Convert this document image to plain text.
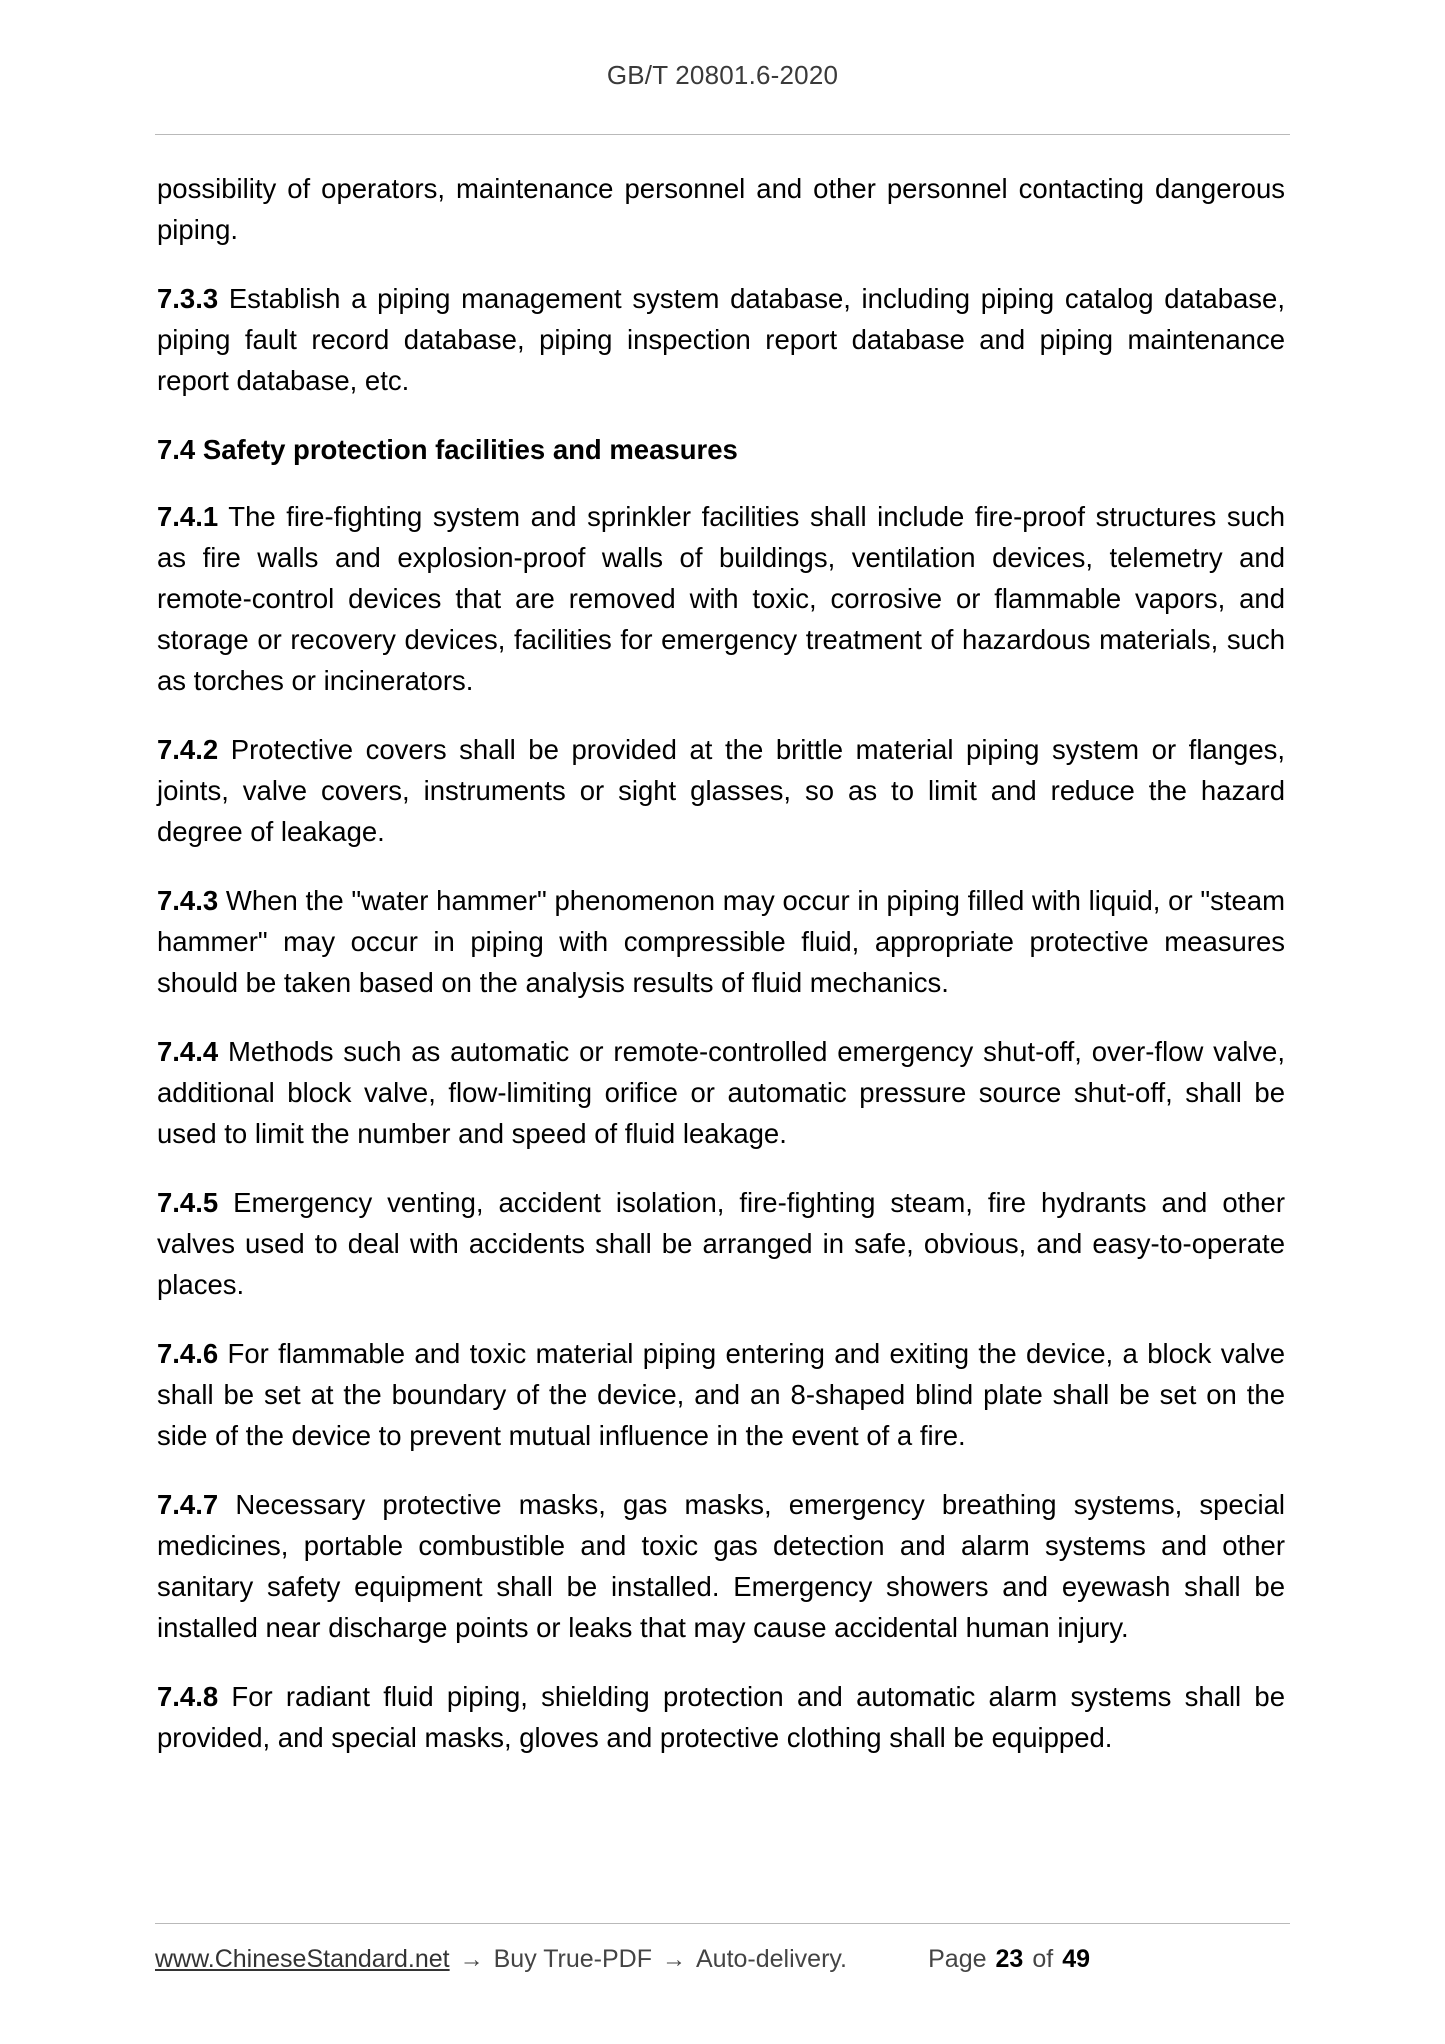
GB/T 20801.6-2020

possibility of operators, maintenance personnel and other personnel contacting dangerous piping.

7.3.3 Establish a piping management system database, including piping catalog database, piping fault record database, piping inspection report database and piping maintenance report database, etc.

7.4 Safety protection facilities and measures

7.4.1 The fire-fighting system and sprinkler facilities shall include fire-proof structures such as fire walls and explosion-proof walls of buildings, ventilation devices, telemetry and remote-control devices that are removed with toxic, corrosive or flammable vapors, and storage or recovery devices, facilities for emergency treatment of hazardous materials, such as torches or incinerators.

7.4.2 Protective covers shall be provided at the brittle material piping system or flanges, joints, valve covers, instruments or sight glasses, so as to limit and reduce the hazard degree of leakage.

7.4.3 When the "water hammer" phenomenon may occur in piping filled with liquid, or "steam hammer" may occur in piping with compressible fluid, appropriate protective measures should be taken based on the analysis results of fluid mechanics.

7.4.4 Methods such as automatic or remote-controlled emergency shut-off, over-flow valve, additional block valve, flow-limiting orifice or automatic pressure source shut-off, shall be used to limit the number and speed of fluid leakage.

7.4.5 Emergency venting, accident isolation, fire-fighting steam, fire hydrants and other valves used to deal with accidents shall be arranged in safe, obvious, and easy-to-operate places.

7.4.6 For flammable and toxic material piping entering and exiting the device, a block valve shall be set at the boundary of the device, and an 8-shaped blind plate shall be set on the side of the device to prevent mutual influence in the event of a fire.

7.4.7 Necessary protective masks, gas masks, emergency breathing systems, special medicines, portable combustible and toxic gas detection and alarm systems and other sanitary safety equipment shall be installed. Emergency showers and eyewash shall be installed near discharge points or leaks that may cause accidental human injury.

7.4.8 For radiant fluid piping, shielding protection and automatic alarm systems shall be provided, and special masks, gloves and protective clothing shall be equipped.

www.ChineseStandard.net → Buy True-PDF → Auto-delivery.	Page 23 of 49
